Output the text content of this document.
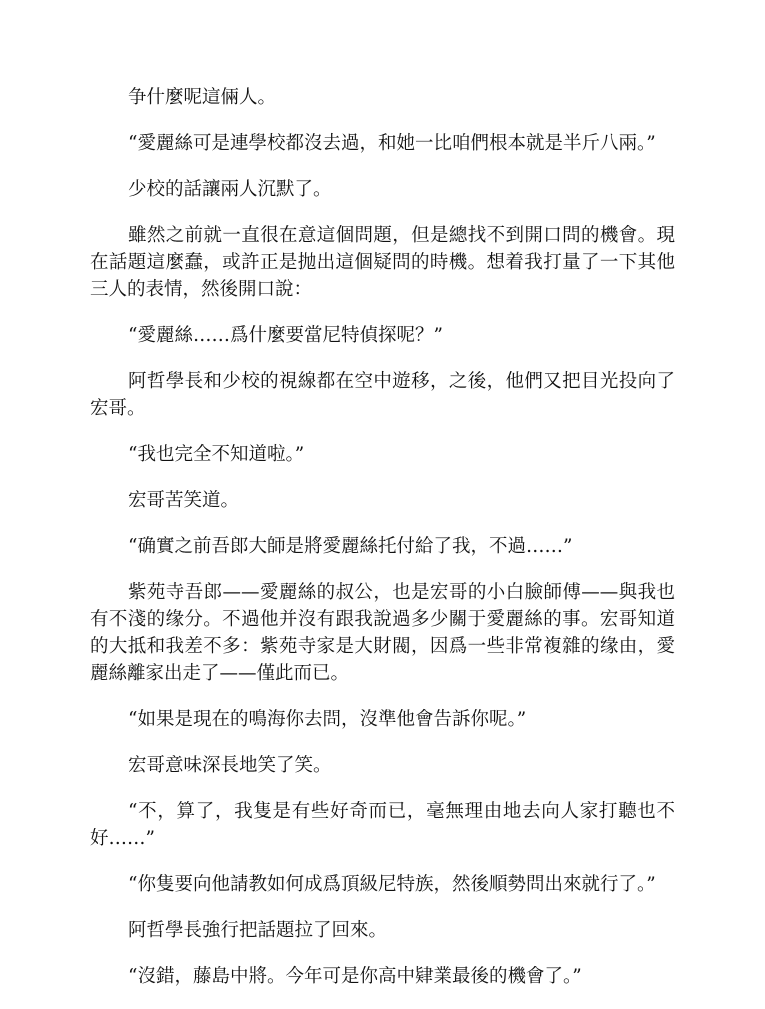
争什麼呢這倆人。

“愛麗絲可是連學校都沒去過，和她一比咱們根本就是半斤八兩。”

少校的話讓兩人沉默了。

雖然之前就一直很在意這個問題，但是總找不到開口問的機會。現在話題這麼蠢，或許正是抛出這個疑問的時機。想着我打量了一下其他三人的表情，然後開口說：

“愛麗絲……爲什麼要當尼特偵探呢？”

阿哲學長和少校的視線都在空中遊移，之後，他們又把目光投向了宏哥。

“我也完全不知道啦。”

宏哥苦笑道。

“确實之前吾郎大師是將愛麗絲托付給了我，不過……”

紫苑寺吾郎——愛麗絲的叔公，也是宏哥的小白臉師傅——與我也有不淺的缘分。不過他并沒有跟我說過多少關于愛麗絲的事。宏哥知道的大抵和我差不多：紫苑寺家是大財閥，因爲一些非常複雜的缘由，愛麗絲離家出走了——僅此而已。

“如果是現在的鳴海你去問，沒準他會告訴你呢。”

宏哥意味深長地笑了笑。

“不，算了，我隻是有些好奇而已，毫無理由地去向人家打聽也不好……”

“你隻要向他請教如何成爲頂級尼特族，然後順勢問出來就行了。”

阿哲學長強行把話題拉了回來。

“沒錯，藤島中將。今年可是你高中肄業最後的機會了。”
